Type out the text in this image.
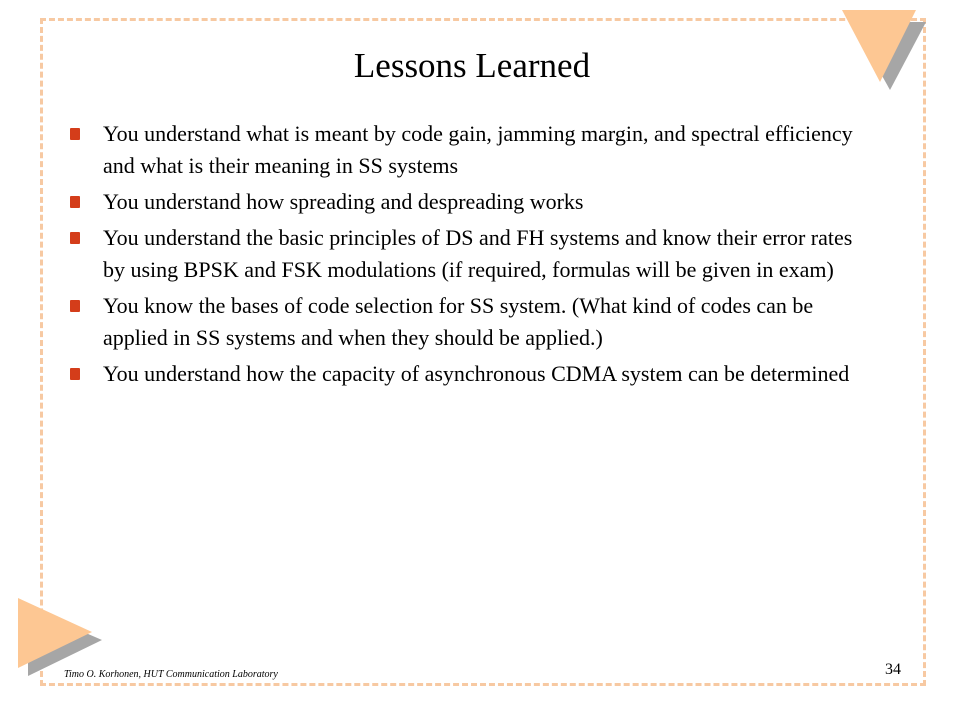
Lessons Learned
You understand what is meant by code gain, jamming margin, and spectral efficiency and what is their meaning in SS systems
You understand how spreading and despreading works
You understand the basic principles of DS and FH systems and know their error rates by using BPSK and FSK modulations (if required, formulas will be given in exam)
You know the bases of code selection for SS system. (What kind of codes can be applied in SS systems and when they should be applied.)
You understand how the capacity of asynchronous CDMA system can be determined
Timo O. Korhonen, HUT Communication Laboratory	34
